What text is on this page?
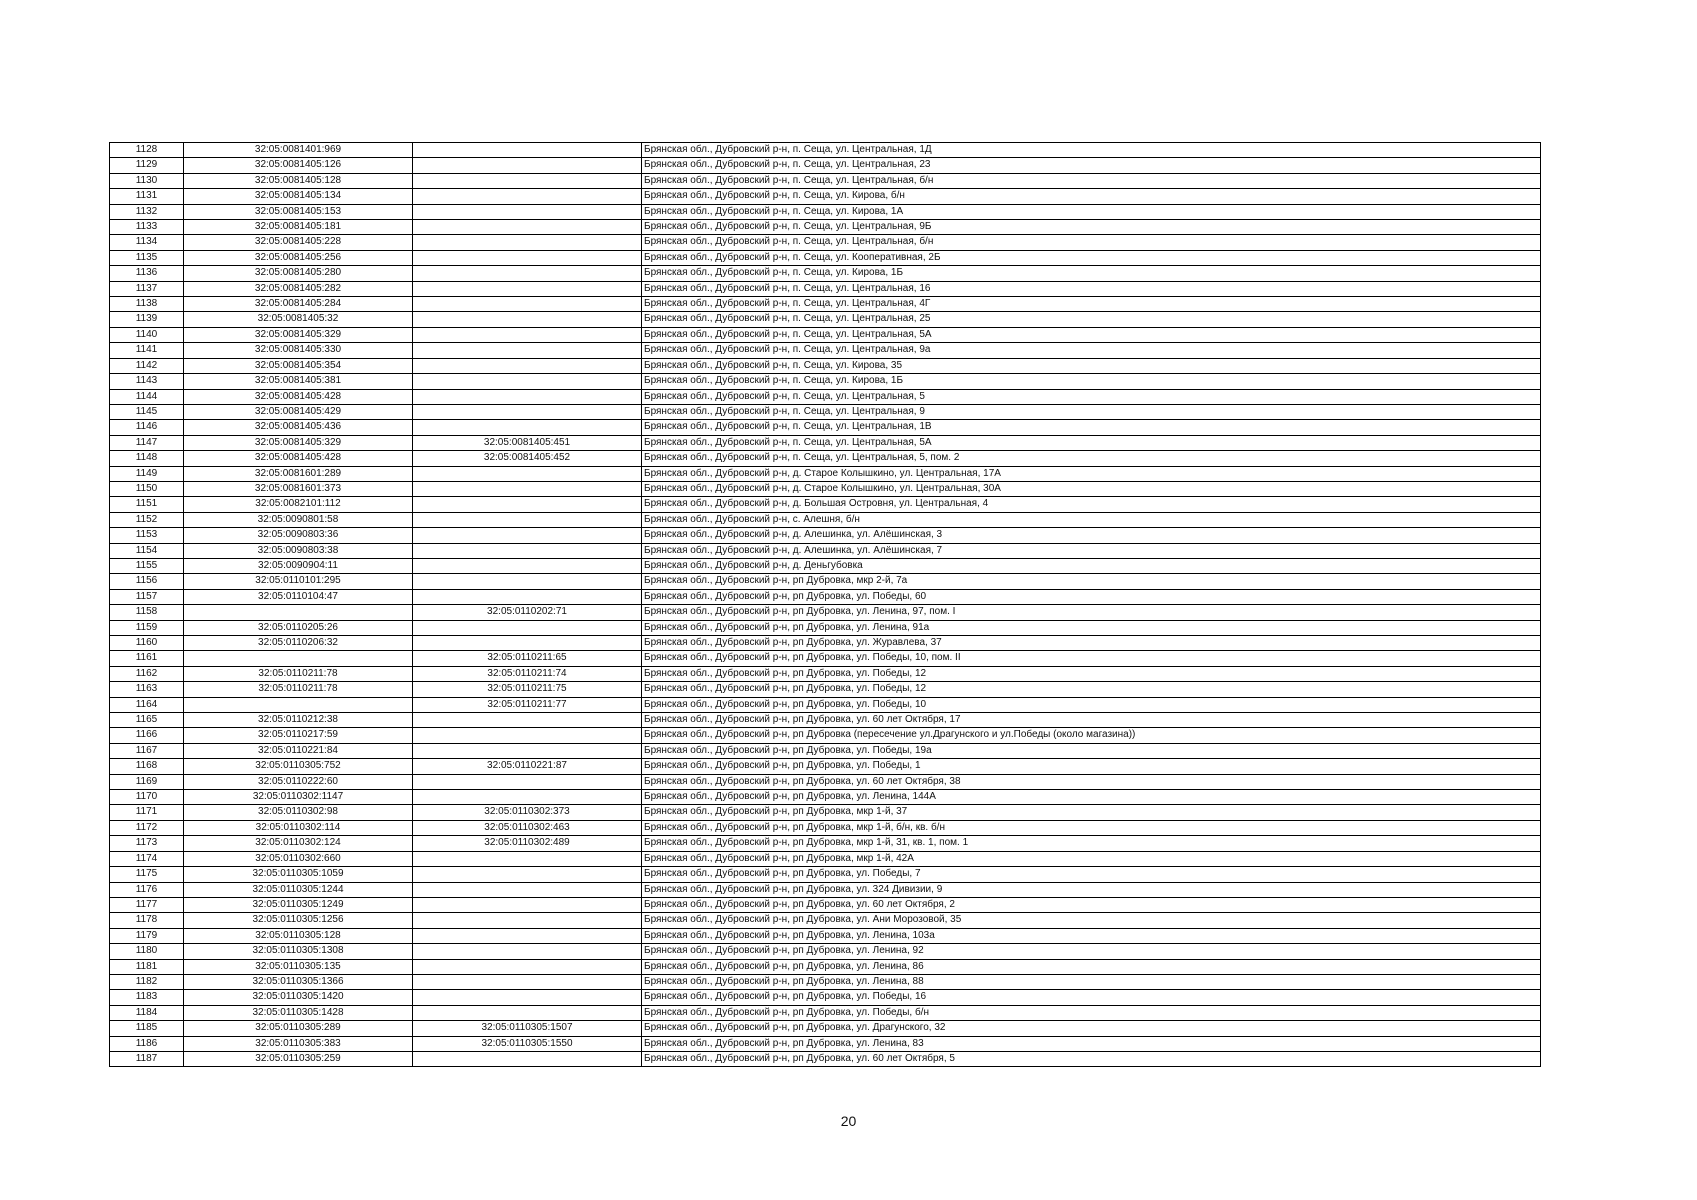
1128	32:05:0081401:969		Брянская обл., Дубровский р-н, п. Сеща, ул. Центральная, 1Д
1129	32:05:0081405:126		Брянская обл., Дубровский р-н, п. Сеща, ул. Центральная, 23
1130	32:05:0081405:128		Брянская обл., Дубровский р-н, п. Сеща, ул. Центральная, б/н
1131	32:05:0081405:134		Брянская обл., Дубровский р-н, п. Сеща, ул. Кирова, б/н
1132	32:05:0081405:153		Брянская обл., Дубровский р-н, п. Сеща, ул. Кирова, 1А
1133	32:05:0081405:181		Брянская обл., Дубровский р-н, п. Сеща, ул. Центральная, 9Б
1134	32:05:0081405:228		Брянская обл., Дубровский р-н, п. Сеща, ул. Центральная, б/н
1135	32:05:0081405:256		Брянская обл., Дубровский р-н, п. Сеща, ул. Кооперативная, 2Б
1136	32:05:0081405:280		Брянская обл., Дубровский р-н, п. Сеща, ул. Кирова, 1Б
1137	32:05:0081405:282		Брянская обл., Дубровский р-н, п. Сеща, ул. Центральная, 16
1138	32:05:0081405:284		Брянская обл., Дубровский р-н, п. Сеща, ул. Центральная, 4Г
1139	32:05:0081405:32		Брянская обл., Дубровский р-н, п. Сеща, ул. Центральная, 25
1140	32:05:0081405:329		Брянская обл., Дубровский р-н, п. Сеща, ул. Центральная, 5А
1141	32:05:0081405:330		Брянская обл., Дубровский р-н, п. Сеща, ул. Центральная, 9а
1142	32:05:0081405:354		Брянская обл., Дубровский р-н, п. Сеща, ул. Кирова, 35
1143	32:05:0081405:381		Брянская обл., Дубровский р-н, п. Сеща, ул. Кирова, 1Б
1144	32:05:0081405:428		Брянская обл., Дубровский р-н, п. Сеща, ул. Центральная, 5
1145	32:05:0081405:429		Брянская обл., Дубровский р-н, п. Сеща, ул. Центральная, 9
1146	32:05:0081405:436		Брянская обл., Дубровский р-н, п. Сеща, ул. Центральная, 1В
1147	32:05:0081405:329	32:05:0081405:451	Брянская обл., Дубровский р-н, п. Сеща, ул. Центральная, 5А
1148	32:05:0081405:428	32:05:0081405:452	Брянская обл., Дубровский р-н, п. Сеща, ул. Центральная, 5, пом. 2
1149	32:05:0081601:289		Брянская обл., Дубровский р-н, д. Старое Колышкино, ул. Центральная, 17А
1150	32:05:0081601:373		Брянская обл., Дубровский р-н, д. Старое Колышкино, ул. Центральная, 30А
1151	32:05:0082101:112		Брянская обл., Дубровский р-н, д. Большая Островня, ул. Центральная, 4
1152	32:05:0090801:58		Брянская обл., Дубровский р-н, с. Алешня, б/н
1153	32:05:0090803:36		Брянская обл., Дубровский р-н, д. Алешинка, ул. Алёшинская, 3
1154	32:05:0090803:38		Брянская обл., Дубровский р-н, д. Алешинка, ул. Алёшинская, 7
1155	32:05:0090904:11		Брянская обл., Дубровский р-н, д. Деньгубовка
1156	32:05:0110101:295		Брянская обл., Дубровский р-н, рп Дубровка, мкр 2-й, 7а
1157	32:05:0110104:47		Брянская обл., Дубровский р-н, рп Дубровка, ул. Победы, 60
1158		32:05:0110202:71	Брянская обл., Дубровский р-н, рп Дубровка, ул. Ленина, 97, пом. I
1159	32:05:0110205:26		Брянская обл., Дубровский р-н, рп Дубровка, ул. Ленина, 91а
1160	32:05:0110206:32		Брянская обл., Дубровский р-н, рп Дубровка, ул. Журавлева, 37
1161		32:05:0110211:65	Брянская обл., Дубровский р-н, рп Дубровка, ул. Победы, 10, пом. II
1162	32:05:0110211:78	32:05:0110211:74	Брянская обл., Дубровский р-н, рп Дубровка, ул. Победы, 12
1163	32:05:0110211:78	32:05:0110211:75	Брянская обл., Дубровский р-н, рп Дубровка, ул. Победы, 12
1164		32:05:0110211:77	Брянская обл., Дубровский р-н, рп Дубровка, ул. Победы, 10
1165	32:05:0110212:38		Брянская обл., Дубровский р-н, рп Дубровка, ул. 60 лет Октября, 17
1166	32:05:0110217:59		Брянская обл., Дубровский р-н, рп Дубровка (пересечение ул.Драгунского и ул.Победы (около магазина))
1167	32:05:0110221:84		Брянская обл., Дубровский р-н, рп Дубровка, ул. Победы, 19а
1168	32:05:0110305:752	32:05:0110221:87	Брянская обл., Дубровский р-н, рп Дубровка, ул. Победы, 1
1169	32:05:0110222:60		Брянская обл., Дубровский р-н, рп Дубровка, ул. 60 лет Октября, 38
1170	32:05:0110302:1147		Брянская обл., Дубровский р-н, рп Дубровка, ул. Ленина, 144А
1171	32:05:0110302:98	32:05:0110302:373	Брянская обл., Дубровский р-н, рп Дубровка, мкр 1-й, 37
1172	32:05:0110302:114	32:05:0110302:463	Брянская обл., Дубровский р-н, рп Дубровка, мкр 1-й, б/н, кв. б/н
1173	32:05:0110302:124	32:05:0110302:489	Брянская обл., Дубровский р-н, рп Дубровка, мкр 1-й, 31, кв. 1, пом. 1
1174	32:05:0110302:660		Брянская обл., Дубровский р-н, рп Дубровка, мкр 1-й, 42А
1175	32:05:0110305:1059		Брянская обл., Дубровский р-н, рп Дубровка, ул. Победы, 7
1176	32:05:0110305:1244		Брянская обл., Дубровский р-н, рп Дубровка, ул. 324 Дивизии, 9
1177	32:05:0110305:1249		Брянская обл., Дубровский р-н, рп Дубровка, ул. 60 лет Октября, 2
1178	32:05:0110305:1256		Брянская обл., Дубровский р-н, рп Дубровка, ул. Ани Морозовой, 35
1179	32:05:0110305:128		Брянская обл., Дубровский р-н, рп Дубровка, ул. Ленина, 103а
1180	32:05:0110305:1308		Брянская обл., Дубровский р-н, рп Дубровка, ул. Ленина, 92
1181	32:05:0110305:135		Брянская обл., Дубровский р-н, рп Дубровка, ул. Ленина, 86
1182	32:05:0110305:1366		Брянская обл., Дубровский р-н, рп Дубровка, ул. Ленина, 88
1183	32:05:0110305:1420		Брянская обл., Дубровский р-н, рп Дубровка, ул. Победы, 16
1184	32:05:0110305:1428		Брянская обл., Дубровский р-н, рп Дубровка, ул. Победы, б/н
1185	32:05:0110305:289	32:05:0110305:1507	Брянская обл., Дубровский р-н, рп Дубровка, ул. Драгунского, 32
1186	32:05:0110305:383	32:05:0110305:1550	Брянская обл., Дубровский р-н, рп Дубровка, ул. Ленина, 83
1187	32:05:0110305:259		Брянская обл., Дубровский р-н, рп Дубровка, ул. 60 лет Октября, 5
20
